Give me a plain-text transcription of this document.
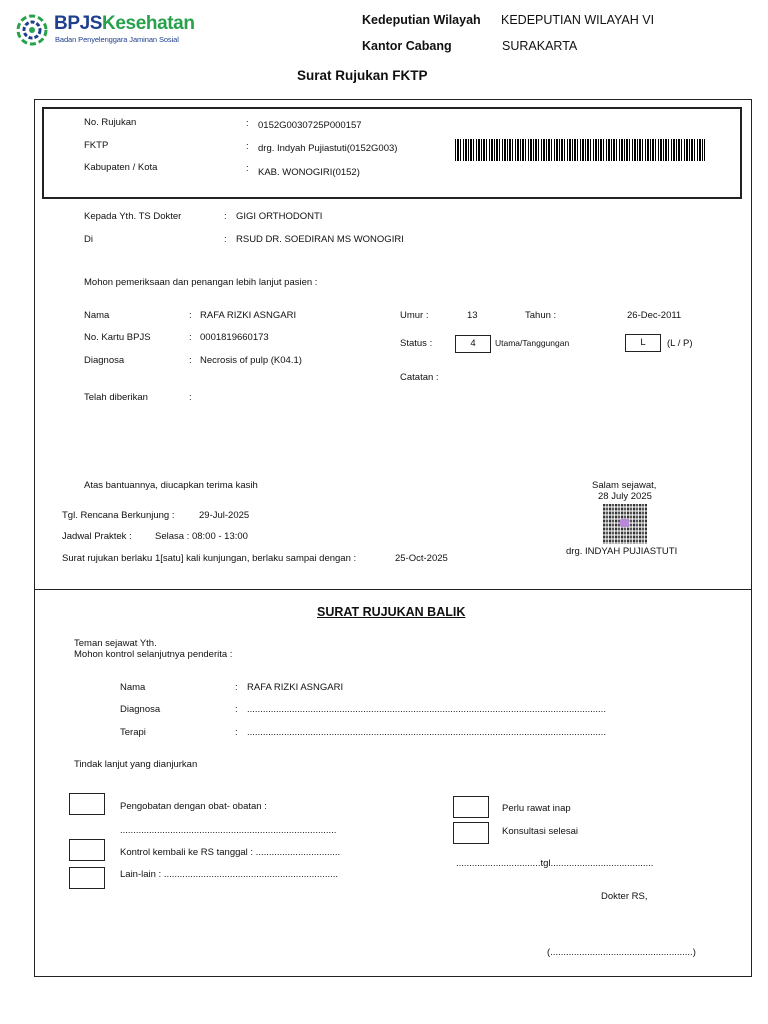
BPJSKesehatan
Badan Penyelenggara Jaminan Sosial
Kedeputian Wilayah KEDEPUTIAN WILAYAH VI
Kantor Cabang	SURAKARTA
Surat Rujukan FKTP
No. Rujukan	: 0152G0030725P000157
FKTP	: drg. Indyah Pujiastuti(0152G003)
Kabupaten / Kota	: KAB. WONOGIRI(0152)
Kepada Yth. TS Dokter	: GIGI ORTHODONTI
Di	: RSUD DR. SOEDIRAN MS WONOGIRI
Mohon pemeriksaan dan penangan lebih lanjut pasien :
Nama	: RAFA RIZKI ASNGARI
No. Kartu BPJS	: 0001819660173
Diagnosa	: Necrosis of pulp (K04.1)
Telah diberikan	:
Umur :	13	Tahun :	26-Dec-2011
Status :	4	Utama/Tanggungan	L	(L / P)
Catatan :
Atas bantuannya, diucapkan terima kasih	Salam sejawat,
28 July 2025
Tgl. Rencana Berkunjung :	29-Jul-2025
Jadwal Praktek : Selasa : 08:00 - 13:00
Surat rujukan berlaku 1[satu] kali kunjungan, berlaku sampai dengan :	25-Oct-2025
drg. INDYAH PUJIASTUTI
SURAT RUJUKAN BALIK
Teman sejawat Yth.
Mohon kontrol selanjutnya penderita :
Nama	: RAFA RIZKI ASNGARI
Diagnosa	: ........................................................................................................................................
Terapi	: ........................................................................................................................................
Tindak lanjut yang dianjurkan
Pengobatan dengan obat- obatan :
..................................................................................
Kontrol kembali ke RS tanggal : ................................
Lain-lain : ..................................................................
Perlu rawat inap
Konsultasi selesai
................................tgl.......................................
Dokter RS,
(......................................................)
